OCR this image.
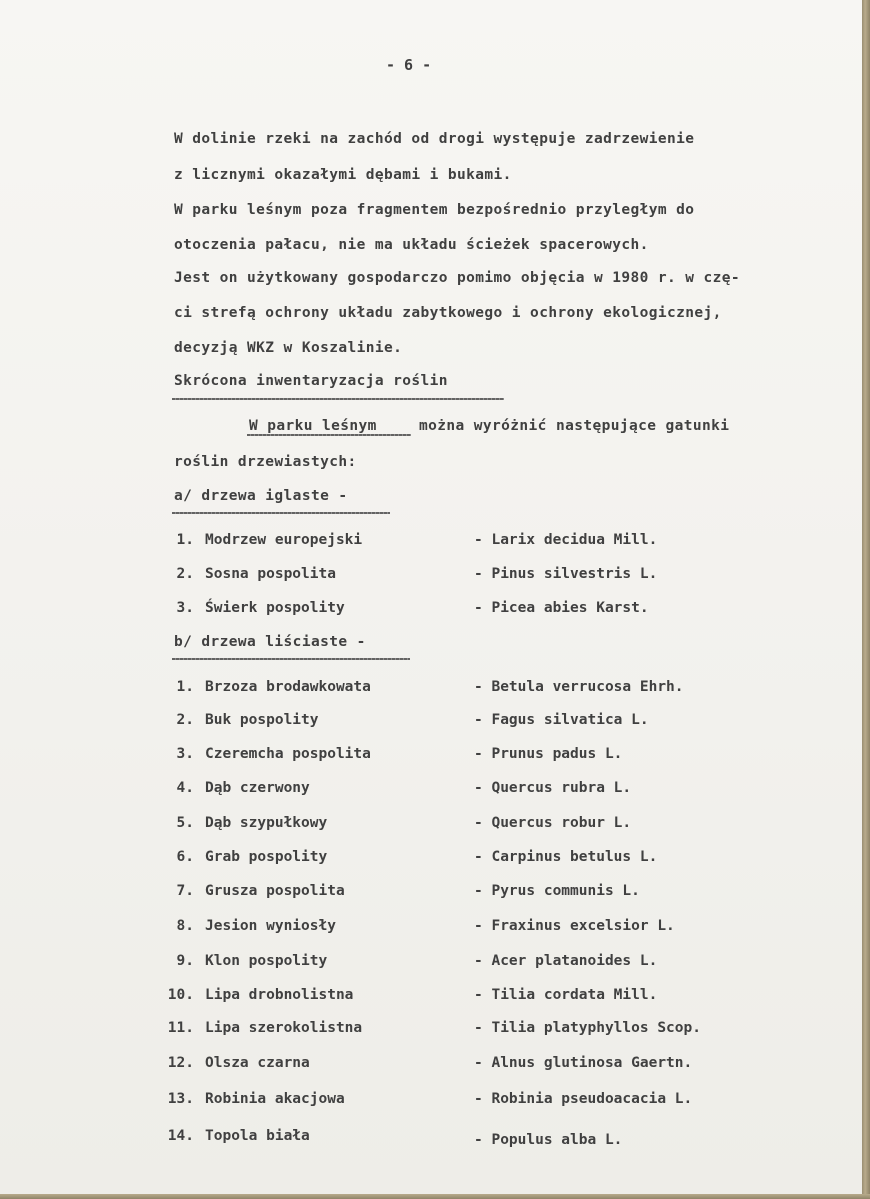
- 6 -
W dolinie rzeki na zachód od drogi występuje zadrzewienie
z licznymi okazałymi dębami i bukami.
W parku leśnym poza fragmentem bezpośrednio przyległym do
otoczenia pałacu, nie ma układu ścieżek spacerowych.
Jest on użytkowany gospodarczo pomimo objęcia w 1980 r. w czę-
ci strefą ochrony układu zabytkowego i ochrony ekologicznej,
decyzją WKZ w Koszalinie.
Skrócona inwentaryzacja roślin
W parku leśnym	można wyróżnić następujące gatunki
roślin drzewiastych:
a/ drzewa iglaste -
1. Modrzew europejski	- Larix decidua Mill.
2. Sosna pospolita	- Pinus silvestris L.
3. Świerk pospolity	- Picea abies Karst.
b/ drzewa liściaste -
1. Brzoza brodawkowata	- Betula verrucosa Ehrh.
2. Buk pospolity	- Fagus silvatica L.
3. Czeremcha pospolita	- Prunus padus L.
4. Dąb czerwony	- Quercus rubra L.
5. Dąb szypułkowy	- Quercus robur L.
6. Grab pospolity	- Carpinus betulus L.
7. Grusza pospolita	- Pyrus communis L.
8. Jesion wyniosły	- Fraxinus excelsior L.
9. Klon pospolity	- Acer platanoides L.
10. Lipa drobnolistna	- Tilia cordata Mill.
11. Lipa szerokolistna	- Tilia platyphyllos Scop.
12. Olsza czarna	- Alnus glutinosa Gaertn.
13. Robinia akacjowa	- Robinia pseudoacacia L.
14. Topola biała	- Populus alba L.
